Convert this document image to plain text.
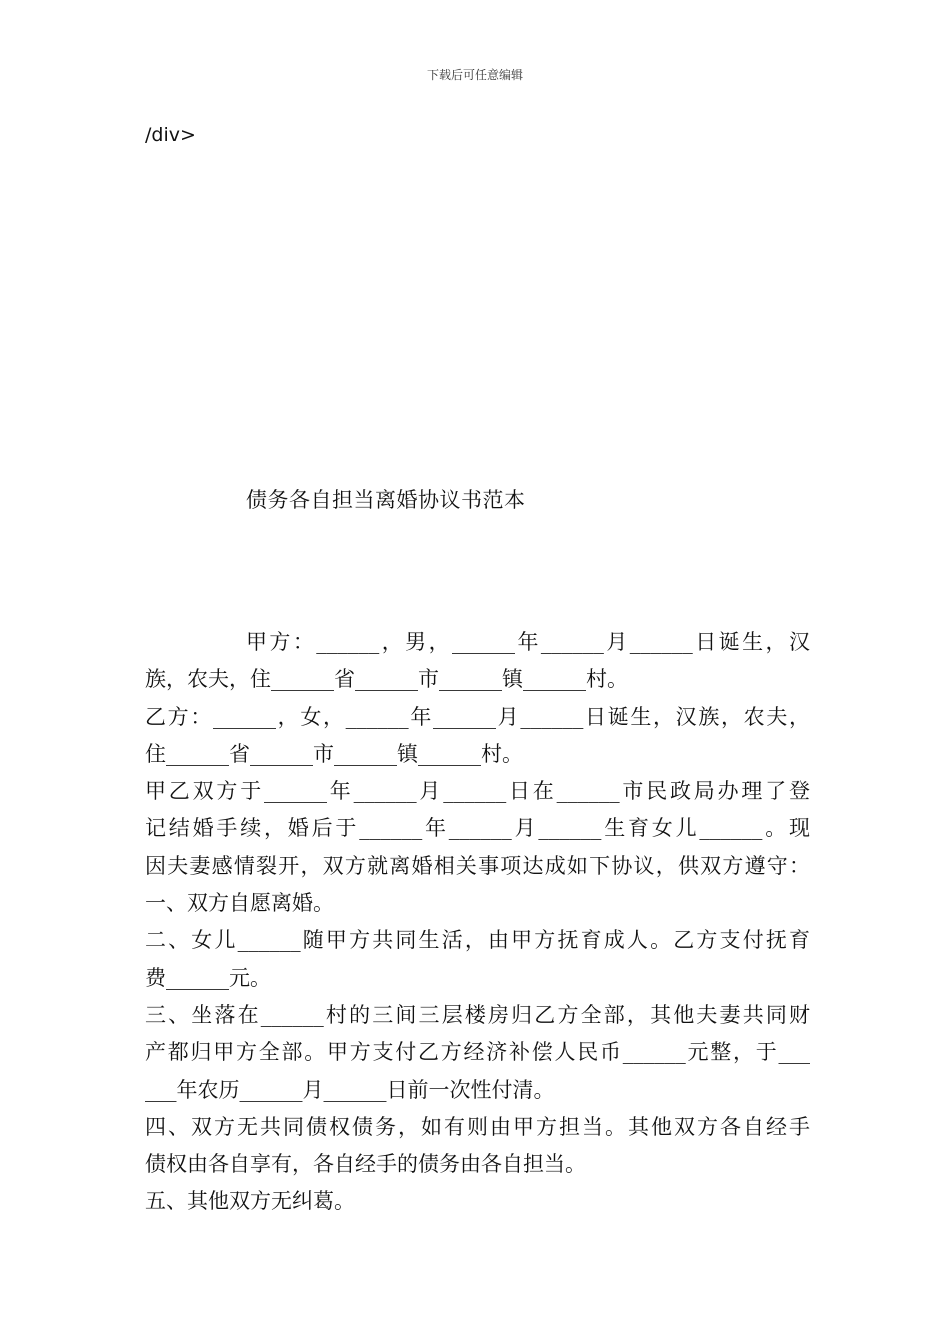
下载后可任意编辑
/div>
债务各自担当离婚协议书范本
甲方：______，男，______年______月______日诞生，汉
族，农夫，住______省______市______镇______村。
乙方：______，女，______年______月______日诞生，汉族，农夫，
住______省______市______镇______村。
甲乙双方于______年______月______日在______市民政局办理了登
记结婚手续，婚后于______年______月______生育女儿______。现
因夫妻感情裂开，双方就离婚相关事项达成如下协议，供双方遵守：
一、双方自愿离婚。
二、女儿______随甲方共同生活，由甲方抚育成人。乙方支付抚育
费______元。
三、坐落在______村的三间三层楼房归乙方全部，其他夫妻共同财
产都归甲方全部。甲方支付乙方经济补偿人民币______元整，于___
___年农历______月______日前一次性付清。
四、双方无共同债权债务，如有则由甲方担当。其他双方各自经手
债权由各自享有，各自经手的债务由各自担当。
五、其他双方无纠葛。
